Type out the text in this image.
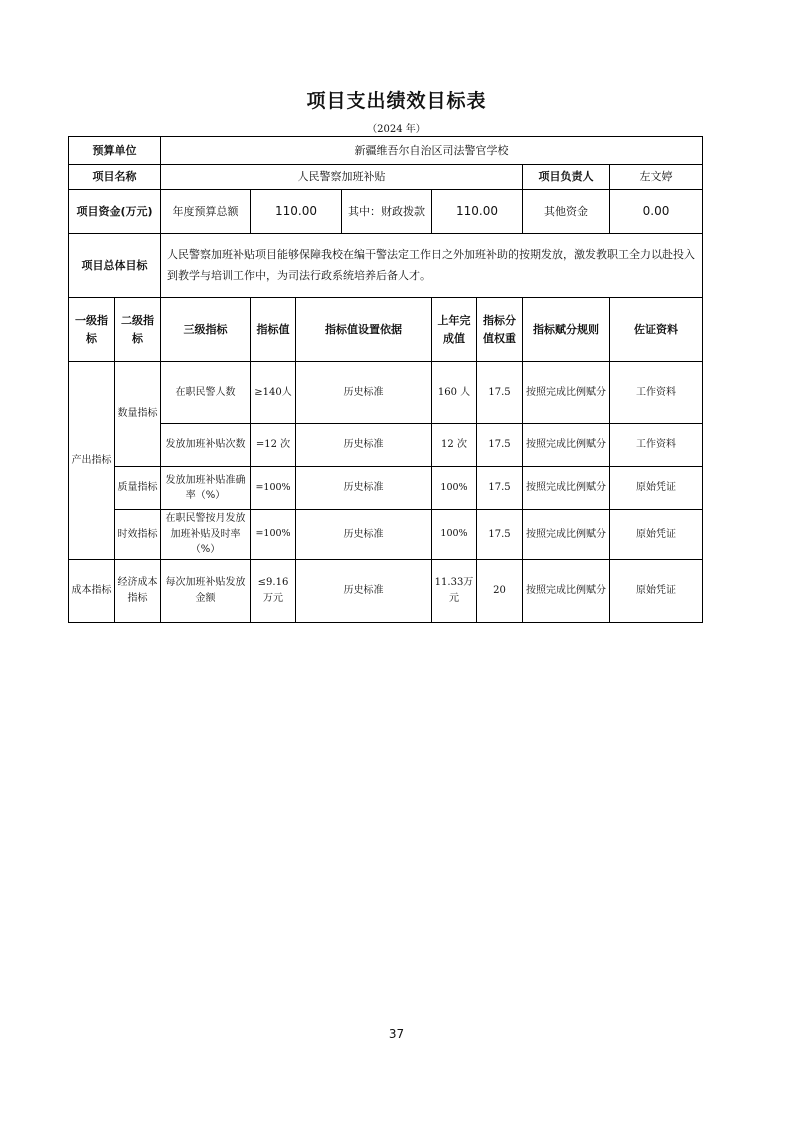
项目支出绩效目标表
（2024 年）
预算单位		新疆维吾尔自治区司法警官学校							
项目名称		人民警察加班补贴						项目负责人	左文婷
项目资金(万元)		年度预算总额	110.00		其中：财政拨款	110.00		其他资金	0.00
项目总体目标		人民警察加班补贴项目能够保障我校在编干警法定工作日之外加班补助的按期发放，激发教职工全力以赴投入到教学与培训工作中，为司法行政系统培养后备人才。							
一级指标	二级指标	三级指标	指标值	指标值设置依据		上年完成值	指标分值权重	指标赋分规则	佐证资料
产出指标	数量指标	在职民警人数	≥140人	历史标准		160 人	17.5	按照完成比例赋分	工作资料
		发放加班补贴次数	=12 次	历史标准		12 次	17.5	按照完成比例赋分	工作资料
	质量指标	发放加班补贴准确率（%）	=100%	历史标准		100%	17.5	按照完成比例赋分	原始凭证
	时效指标	在职民警按月发放加班补贴及时率（%）	=100%	历史标准		100%	17.5	按照完成比例赋分	原始凭证
成本指标	经济成本指标	每次加班补贴发放金额	≤9.16万元	历史标准		11.33万元	20	按照完成比例赋分	原始凭证
37
